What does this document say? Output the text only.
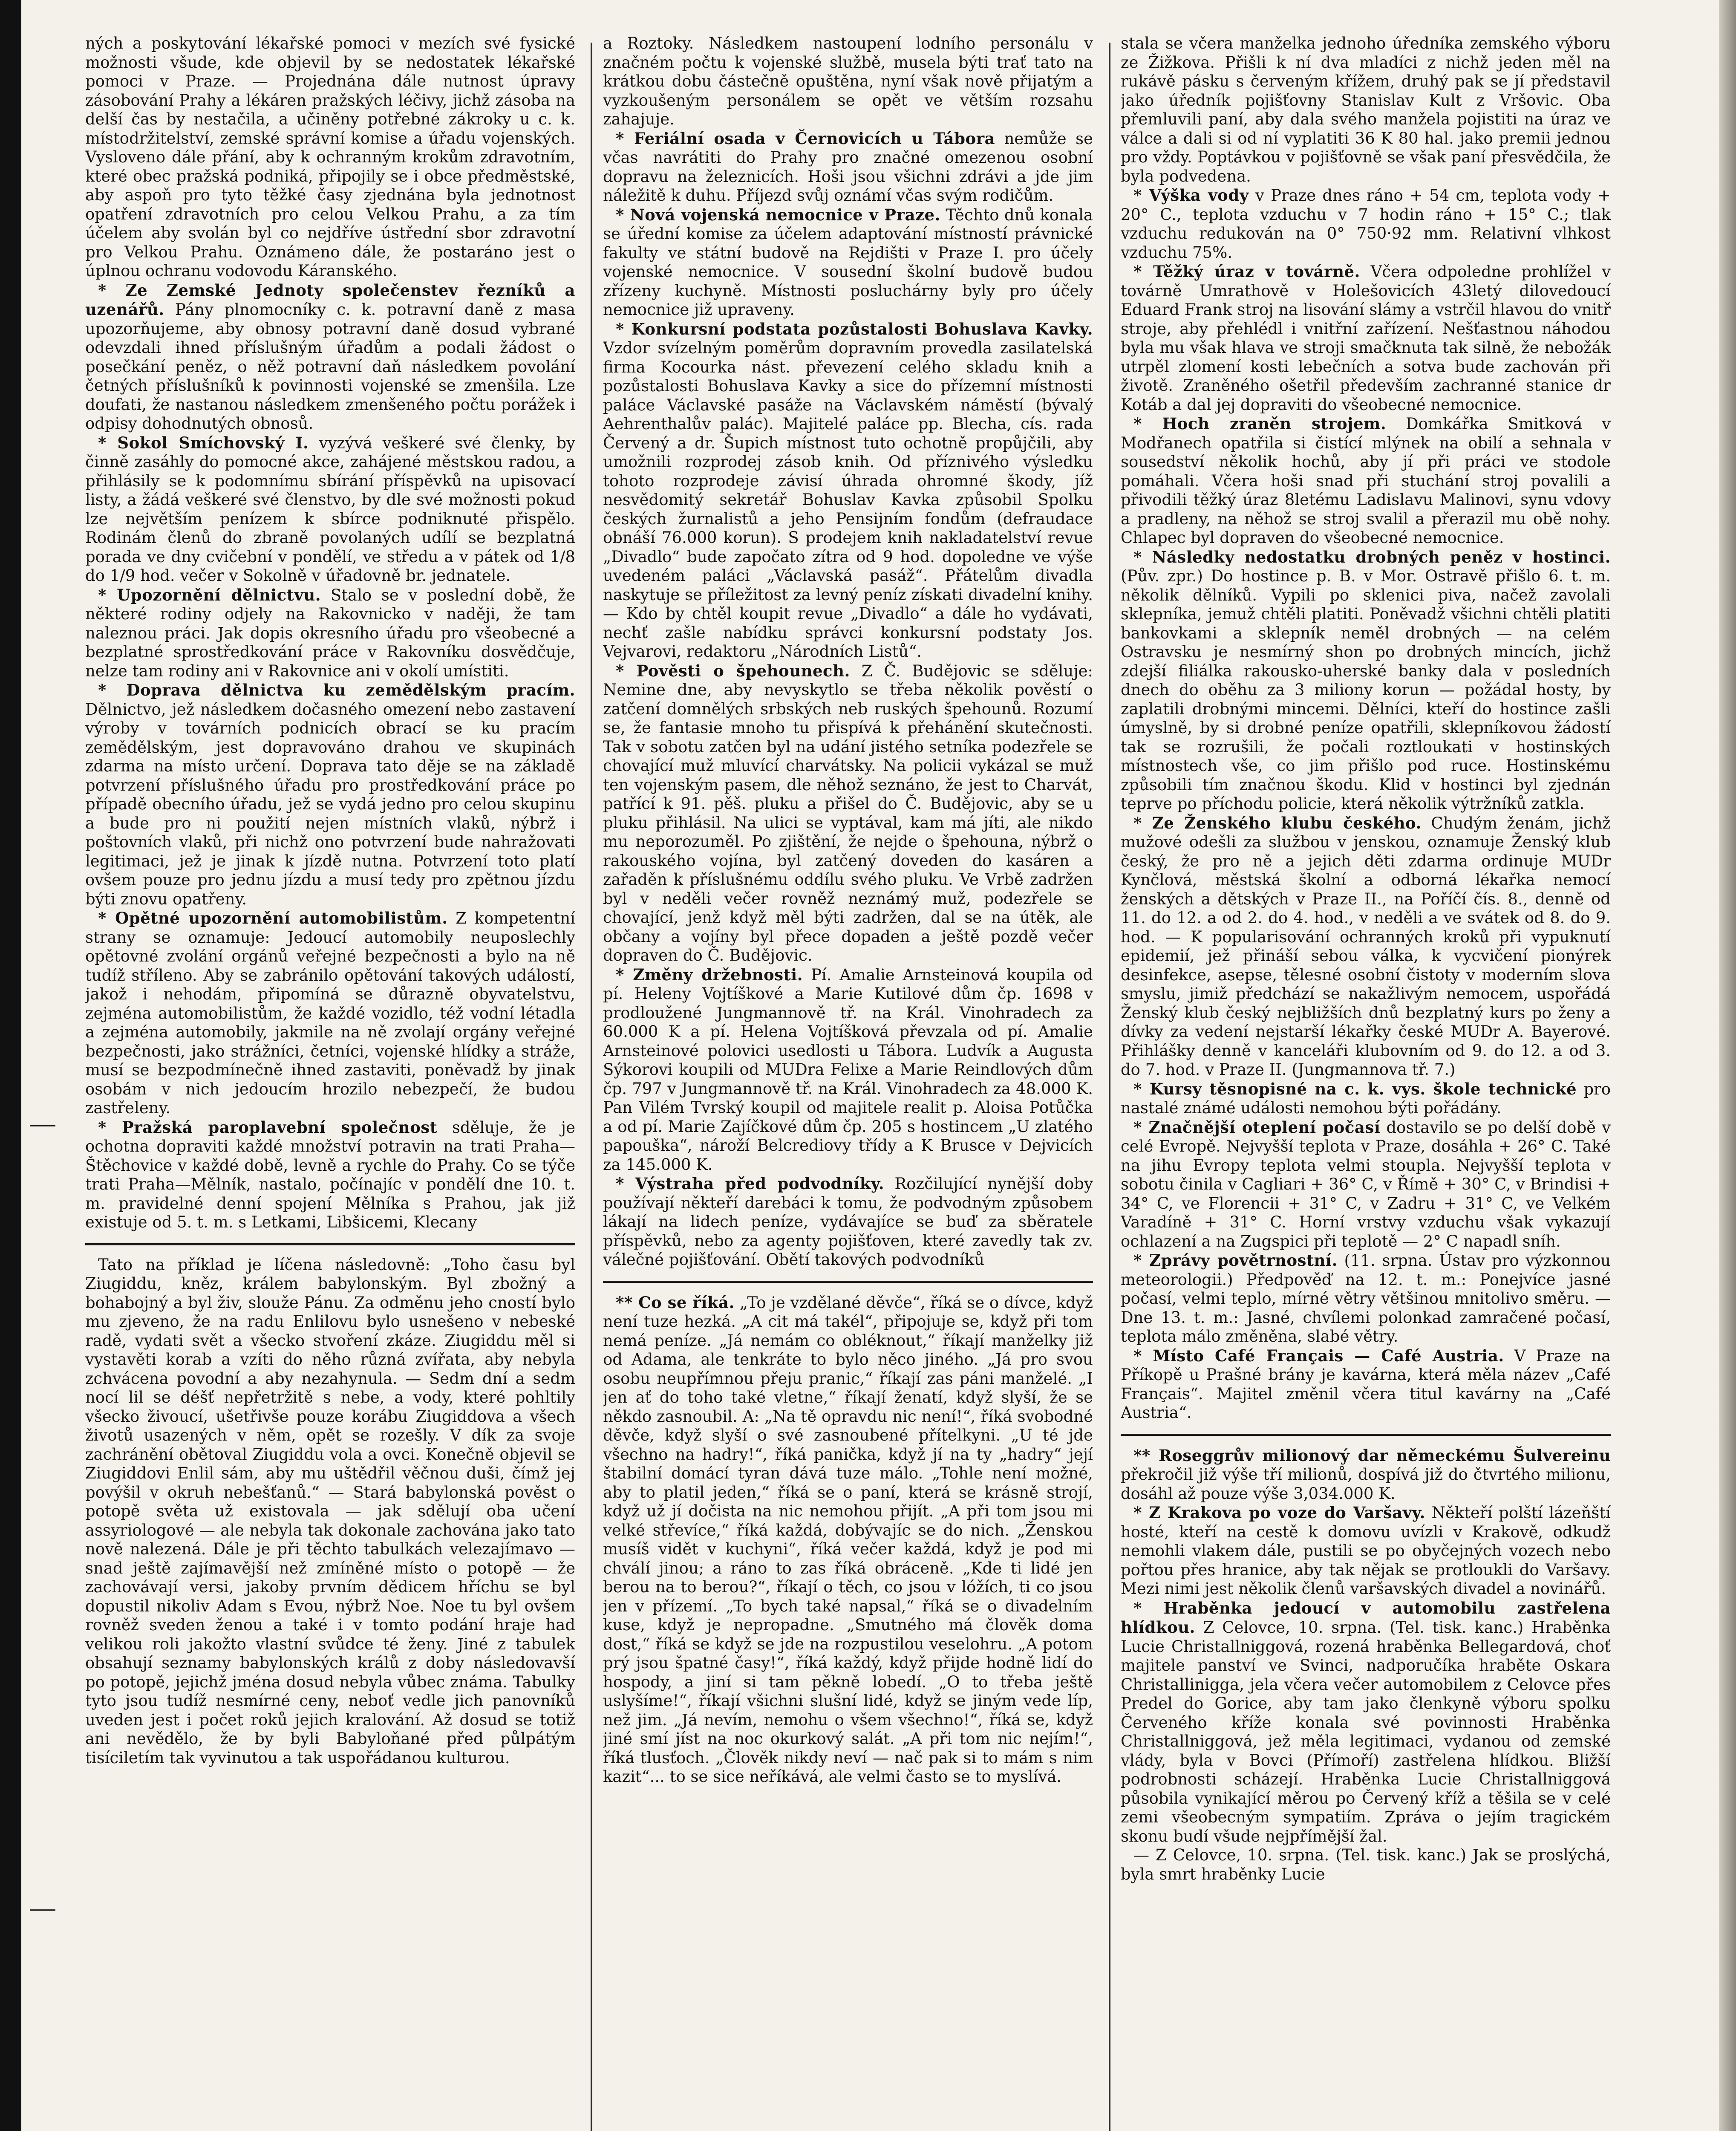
ných a poskytování lékařské pomoci v mezích své fysické možnosti všude, kde objevil by se nedostatek lékařské pomoci v Praze. — Projednána dále nutnost úpravy zásobování Prahy a lékáren pražských léčivy, jichž zásoba na delší čas by nestačila, a učiněny potřebné zákroky u c. k. místodržitelství, zemské správní komise a úřadu vojenských. Vysloveno dále přání, aby k ochranným krokům zdravotním, které obec pražská podniká, připojily se i obce předměstské, aby aspoň pro tyto těžké časy zjednána byla jednotnost opatření zdravotních pro celou Velkou Prahu, a za tím účelem aby svolán byl co nejdříve ústřední sbor zdravotní pro Velkou Prahu. Oznámeno dále, že postaráno jest o úplnou ochranu vodovodu Káranského.

* Ze Zemské Jednoty společenstev řezníků a uzenářů. Pány plnomocníky c. k. potravní daně z masa upozorňujeme, aby obnosy potravní daně dosud vybrané odevzdali ihned příslušným úřadům a podali žádost o posečkání peněz, o něž potravní daň následkem povolání četných příslušníků k povinnosti vojenské se zmenšila. Lze doufati, že nastanou následkem zmenšeného počtu porážek i odpisy dohodnutých obnosů.

* Sokol Smíchovský I. vyzývá veškeré své členky, by činně zasáhly do pomocné akce, zahájené městskou radou, a přihlásily se k podomnímu sbírání příspěvků na upisovací listy, a žádá veškeré své členstvo, by dle své možnosti pokud lze největším penízem k sbírce podniknuté přispělo. Rodinám členů do zbraně povolaných udílí se bezplatná porada ve dny cvičební v pondělí, ve středu a v pátek od 1/8 do 1/9 hod. večer v Sokolně v úřadovně br. jednatele.

* Upozornění dělnictvu. Stalo se v poslední době, že některé rodiny odjely na Rakovnicko v naději, že tam naleznou práci. Jak dopis okresního úřadu pro všeobecné a bezplatné sprostředkování práce v Rakovníku dosvědčuje, nelze tam rodiny ani v Rakovnice ani v okolí umístiti.

* Doprava dělnictva ku zemědělským pracím. Dělnictvo, jež následkem dočasného omezení nebo zastavení výroby v továrních podnicích obrací se ku pracím zemědělským, jest dopravováno drahou ve skupinách zdarma na místo určení. Doprava tato děje se na základě potvrzení příslušného úřadu pro prostředkování práce po případě obecního úřadu, jež se vydá jedno pro celou skupinu a bude pro ni použití nejen místních vlaků, nýbrž i poštovních vlaků, při nichž ono potvrzení bude nahražovati legitimaci, jež je jinak k jízdě nutna. Potvrzení toto platí ovšem pouze pro jednu jízdu a musí tedy pro zpětnou jízdu býti znovu opatřeny.

* Opětné upozornění automobilistům. Z kompetentní strany se oznamuje: Jedoucí automobily neuposlechly opětovné zvolání orgánů veřejné bezpečnosti a bylo na ně tudíž stříleno. Aby se zabránilo opětování takových událostí, jakož i nehodám, připomíná se důrazně obyvatelstvu, zejména automobilistům, že každé vozidlo, též vodní létadla a zejména automobily, jakmile na ně zvolají orgány veřejné bezpečnosti, jako strážníci, četníci, vojenské hlídky a stráže, musí se bezpodmínečně ihned zastaviti, poněvadž by jinak osobám v nich jedoucím hrozilo nebezpečí, že budou zastřeleny.

* Pražská paroplavební společnost sděluje, že je ochotna dopraviti každé množství potravin na trati Praha—Štěchovice v každé době, levně a rychle do Prahy. Co se týče trati Praha—Mělník, nastalo, počínajíc v pondělí dne 10. t. m. pravidelné denní spojení Mělníka s Prahou, jak již existuje od 5. t. m. s Letkami, Libšicemi, Klecany

Tato na příklad je líčena následovně: „Toho času byl Ziugiddu, kněz, králem babylonským. Byl zbožný a bohabojný a byl živ, slouže Pánu. Za odměnu jeho cností bylo mu zjeveno, že na radu Enlilovu bylo usnešeno v nebeské radě, vydati svět a všecko stvoření zkáze. Ziugiddu měl si vystavěti korab a vzíti do něho různá zvířata, aby nebyla zchvácena povodní a aby nezahynula. — Sedm dní a sedm nocí lil se déšť nepřetržitě s nebe, a vody, které pohltily všecko živoucí, ušetřivše pouze korábu Ziugiddova a všech životů usazených v něm, opět se rozešly. V dík za svoje zachránění obětoval Ziugiddu vola a ovci. Konečně objevil se Ziugiddovi Enlil sám, aby mu uštědřil věčnou duši, čímž jej povýšil v okruh nebešťanů.“ — Stará babylonská pověst o potopě světa už existovala — jak sdělují oba učení assyriologové — ale nebyla tak dokonale zachována jako tato nově nalezená. Dále je při těchto tabulkách velezajímavo — snad ještě zajímavější než zmíněné místo o potopě — že zachovávají versi, jakoby prvním dědicem hříchu se byl dopustil nikoliv Adam s Evou, nýbrž Noe. Noe tu byl ovšem rovněž sveden ženou a také i v tomto podání hraje had velikou roli jakožto vlastní svůdce té ženy. Jiné z tabulek obsahují seznamy babylonských králů z doby následovavší po potopě, jejichž jména dosud nebyla vůbec známa. Tabulky tyto jsou tudíž nesmírné ceny, neboť vedle jich panovníků uveden jest i počet roků jejich kralování. Až dosud se totiž ani nevědělo, že by byli Babyloňané před půlpátým tisíciletím tak vyvinutou a tak uspořádanou kulturou.

a Roztoky. Následkem nastoupení lodního personálu v značném počtu k vojenské službě, musela býti trať tato na krátkou dobu částečně opuštěna, nyní však nově přijatým a vyzkoušeným personálem se opět ve větším rozsahu zahajuje.

* Feriální osada v Černovicích u Tábora nemůže se včas navrátiti do Prahy pro značné omezenou osobní dopravu na železnicích. Hoši jsou všichni zdrávi a jde jim náležitě k duhu. Příjezd svůj oznámí včas svým rodičům.

* Nová vojenská nemocnice v Praze. Těchto dnů konala se úřední komise za účelem adaptování místností právnické fakulty ve státní budově na Rejdišti v Praze I. pro účely vojenské nemocnice. V sousední školní budově budou zřízeny kuchyně. Místnosti posluchárny byly pro účely nemocnice již upraveny.

* Konkursní podstata pozůstalosti Bohuslava Kavky. Vzdor svízelným poměrům dopravním provedla zasilatelská firma Kocourka nást. převezení celého skladu knih a pozůstalosti Bohuslava Kavky a sice do přízemní místnosti paláce Václavské pasáže na Václavském náměstí (bývalý Aehrenthalův palác). Majitelé paláce pp. Blecha, cís. rada Červený a dr. Šupich místnost tuto ochotně propůjčili, aby umožnili rozprodej zásob knih. Od příznivého výsledku tohoto rozprodeje závisí úhrada ohromné škody, jíž nesvědomitý sekretář Bohuslav Kavka způsobil Spolku českých žurnalistů a jeho Pensijním fondům (defraudace obnáší 76.000 korun). S prodejem knih nakladatelství revue „Divadlo“ bude započato zítra od 9 hod. dopoledne ve výše uvedeném paláci „Václavská pasáž“. Přátelům divadla naskytuje se příležitost za levný peníz získati divadelní knihy. — Kdo by chtěl koupit revue „Divadlo“ a dále ho vydávati, nechť zašle nabídku správci konkursní podstaty Jos. Vejvarovi, redaktoru „Národních Listů“.

* Pověsti o špehounech. Z Č. Budějovic se sděluje: Nemine dne, aby nevyskytlo se třeba několik pověstí o zatčení domnělých srbských neb ruských špehounů. Rozumí se, že fantasie mnoho tu přispívá k přehánění skutečnosti. Tak v sobotu zatčen byl na udání jistého setníka podezřele se chovající muž mluvící charvátsky. Na policii vykázal se muž ten vojenským pasem, dle něhož seznáno, že jest to Charvát, patřící k 91. pěš. pluku a přišel do Č. Budějovic, aby se u pluku přihlásil. Na ulici se vyptával, kam má jíti, ale nikdo mu neporozuměl. Po zjištění, že nejde o špehouna, nýbrž o rakouského vojína, byl zatčený doveden do kasáren a zařaděn k příslušnému oddílu svého pluku. Ve Vrbě zadržen byl v neděli večer rovněž neznámý muž, podezřele se chovající, jenž když měl býti zadržen, dal se na útěk, ale občany a vojíny byl přece dopaden a ještě pozdě večer dopraven do Č. Budějovic.

* Změny držebnosti. Pí. Amalie Arnsteinová koupila od pí. Heleny Vojtíškové a Marie Kutilové dům čp. 1698 v prodloužené Jungmannově tř. na Král. Vinohradech za 60.000 K a pí. Helena Vojtíšková převzala od pí. Amalie Arnsteinové polovici usedlosti u Tábora. Ludvík a Augusta Sýkorovi koupili od MUDra Felixe a Marie Reindlových dům čp. 797 v Jungmannově tř. na Král. Vinohradech za 48.000 K. Pan Vilém Tvrský koupil od majitele realit p. Aloisa Potůčka a od pí. Marie Zajíčkové dům čp. 205 s hostincem „U zlatého papouška“, nároží Belcrediovy třídy a K Brusce v Dejvicích za 145.000 K.

* Výstraha před podvodníky. Rozčilující nynější doby používají někteří darebáci k tomu, že podvodným způsobem lákají na lidech peníze, vydávajíce se buď za sběratele příspěvků, nebo za agenty pojišťoven, které zavedly tak zv. válečné pojišťování. Obětí takových podvodníků

** Co se říká. „To je vzdělané děvče“, říká se o dívce, když není tuze hezká. „A cit má takél“, připojuje se, když při tom nemá peníze. „Já nemám co obléknout,“ říkají manželky již od Adama, ale tenkráte to bylo něco jiného. „Já pro svou osobu neupřímnou přeju pranic,“ říkají zas páni manželé. „I jen ať do toho také vletne,“ říkají ženatí, když slyší, že se někdo zasnoubil. A: „Na tě opravdu nic není!“, říká svobodné děvče, když slyší o své zasnoubené přítelkyni. „U té jde všechno na hadry!“, říká panička, když jí na ty „hadry“ její štabilní domácí tyran dává tuze málo. „Tohle není možné, aby to platil jeden,“ říká se o paní, která se krásně strojí, když už jí dočista na nic nemohou přijít. „A při tom jsou mi velké střevíce,“ říká každá, dobývajíc se do nich. „Ženskou musíš vidět v kuchyni“, říká večer každá, když je pod mi chválí jinou; a ráno to zas říká obráceně. „Kde ti lidé jen berou na to berou?“, říkají o těch, co jsou v lóžích, ti co jsou jen v přízemí. „To bych také napsal,“ říká se o divadelním kuse, když je nepropadne. „Smutného má člověk doma dost,“ říká se když se jde na rozpustilou veselohru. „A potom prý jsou špatné časy!“, říká každý, když přijde hodně lidí do hospody, a jiní si tam pěkně lobedí. „O to třeba ještě uslyšíme!“, říkají všichni slušní lidé, když se jiným vede líp, než jim. „Já nevím, nemohu o všem všechno!“, říká se, když jiné smí jíst na noc okurkový salát. „A při tom nic nejím!“, říká tlusťoch. „Člověk nikdy neví — nač pak si to mám s nim kazit“... to se sice neříkává, ale velmi často se to myslívá.

stala se včera manželka jednoho úředníka zemského výboru ze Žižkova. Přišli k ní dva mladíci z nichž jeden měl na rukávě pásku s červeným křížem, druhý pak se jí představil jako úředník pojišťovny Stanislav Kult z Vršovic. Oba přemluvili paní, aby dala svého manžela pojistiti na úraz ve válce a dali si od ní vyplatiti 36 K 80 hal. jako premii jednou pro vždy. Poptávkou v pojišťovně se však paní přesvědčila, že byla podvedena.

* Výška vody v Praze dnes ráno + 54 cm, teplota vody + 20° C., teplota vzduchu v 7 hodin ráno + 15° C.; tlak vzduchu redukován na 0° 750·92 mm. Relativní vlhkost vzduchu 75%.

* Těžký úraz v továrně. Včera odpoledne prohlížel v továrně Umrathově v Holešovicích 43letý dilovedoucí Eduard Frank stroj na lisování slámy a vstrčil hlavou do vnitř stroje, aby přehlédl i vnitřní zařízení. Nešťastnou náhodou byla mu však hlava ve stroji smačknuta tak silně, že nebožák utrpěl zlomení kosti lebečních a sotva bude zachován při životě. Zraněného ošetřil především zachranné stanice dr Kotáb a dal jej dopraviti do všeobecné nemocnice.

* Hoch zraněn strojem. Domkářka Smitková v Modřanech opatřila si čistící mlýnek na obilí a sehnala v sousedství několik hochů, aby jí při práci ve stodole pomáhali. Včera hoši snad při stuchání stroj povalili a přivodili těžký úraz 8letému Ladislavu Malinovi, synu vdovy a pradleny, na něhož se stroj svalil a přerazil mu obě nohy. Chlapec byl dopraven do všeobecné nemocnice.

* Následky nedostatku drobných peněz v hostinci. (Pův. zpr.) Do hostince p. B. v Mor. Ostravě přišlo 6. t. m. několik dělníků. Vypili po sklenici piva, načež zavolali sklepníka, jemuž chtěli platiti. Poněvadž všichni chtěli platiti bankovkami a sklepník neměl drobných — na celém Ostravsku je nesmírný shon po drobných mincích, jichž zdejší filiálka rakousko-uherské banky dala v posledních dnech do oběhu za 3 miliony korun — požádal hosty, by zaplatili drobnými mincemi. Dělníci, kteří do hostince zašli úmyslně, by si drobné peníze opatřili, sklepníkovou žádostí tak se rozrušili, že počali roztloukati v hostinských místnostech vše, co jim přišlo pod ruce. Hostinskému způsobili tím značnou škodu. Klid v hostinci byl zjednán teprve po příchodu policie, která několik výtržníků zatkla.

* Ze Ženského klubu českého. Chudým ženám, jichž mužové odešli za službou v jenskou, oznamuje Ženský klub český, že pro ně a jejich děti zdarma ordinuje MUDr Kynčlová, městská školní a odborná lékařka nemocí ženských a dětských v Praze II., na Poříčí čís. 8., denně od 11. do 12. a od 2. do 4. hod., v neděli a ve svátek od 8. do 9. hod. — K popularisování ochranných kroků při vypuknutí epidemií, jež přináší sebou válka, k vycvičení pionýrek desinfekce, asepse, tělesné osobní čistoty v moderním slova smyslu, jimiž předchází se nakažlivým nemocem, uspořádá Ženský klub český nejbližších dnů bezplatný kurs po ženy a dívky za vedení nejstarší lékařky české MUDr A. Bayerové. Přihlášky denně v kanceláři klubovním od 9. do 12. a od 3. do 7. hod. v Praze II. (Jungmannova tř. 7.)

* Kursy těsnopisné na c. k. vys. škole technické pro nastalé známé události nemohou býti pořádány.

* Značnější oteplení počasí dostavilo se po delší době v celé Evropě. Nejvyšší teplota v Praze, dosáhla + 26° C. Také na jihu Evropy teplota velmi stoupla. Nejvyšší teplota v sobotu činila v Cagliari + 36° C, v Římě + 30° C, v Brindisi + 34° C, ve Florencii + 31° C, v Zadru + 31° C, ve Velkém Varadíně + 31° C. Horní vrstvy vzduchu však vykazují ochlazení a na Zugspici při teplotě — 2° C napadl sníh.

* Zprávy povětrnostní. (11. srpna. Ústav pro výzkonnou meteorologii.) Předpověď na 12. t. m.: Ponejvíce jasné počasí, velmi teplo, mírné větry většinou mnitolivo směru. — Dne 13. t. m.: Jasné, chvílemi polonkad zamračené počasí, teplota málo změněna, slabé větry.

* Místo Café Français — Café Austria. V Praze na Příkopě u Prašné brány je kavárna, která měla název „Café Français“. Majitel změnil včera titul kavárny na „Café Austria“.

** Roseggrův milionový dar německému Šulvereinu překročil již výše tří milionů, dospívá již do čtvrtého milionu, dosáhl až pouze výše 3,034.000 K.

* Z Krakova po voze do Varšavy. Někteří polští lázeňští hosté, kteří na cestě k domovu uvízli v Krakově, odkudž nemohli vlakem dále, pustili se po obyčejných vozech nebo pořtou přes hranice, aby tak nějak se protloukli do Varšavy. Mezi nimi jest několik členů varšavských divadel a novinářů.

* Hraběnka jedoucí v automobilu zastřelena hlídkou. Z Celovce, 10. srpna. (Tel. tisk. kanc.) Hraběnka Lucie Christallniggová, rozená hraběnka Bellegardová, choť majitele panství ve Svinci, nadporučíka hraběte Oskara Christalliniggа, jela včera večer automobilem z Celovce přes Predel do Gorice, aby tam jako členkyně výboru spolku Červeného kříže konala své povinnosti Hraběnka Christallniggová, jež měla legitimaci, vydanou od zemské vlády, byla v Bovci (Přímoří) zastřelena hlídkou. Bližší podrobnosti scházejí. Hraběnka Lucie Christallniggová působila vynikající měrou po Červený kříž a těšila se v celé zemi všeobecným sympatiím. Zpráva o jejím tragickém skonu budí všude nejpřímější žal.

— Z Celovce, 10. srpna. (Tel. tisk. kanc.) Jak se proslýchá, byla smrt hraběnky Lucie
